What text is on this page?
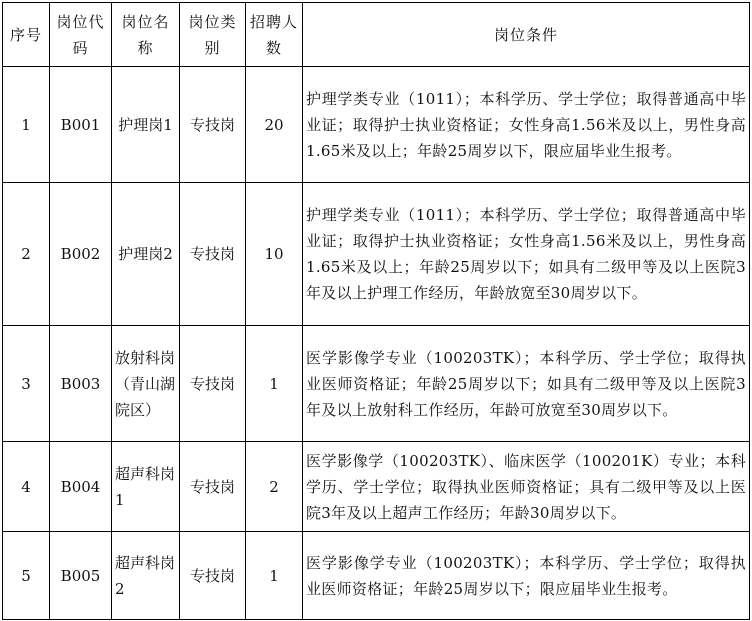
序号	岗位代码	岗位名称	岗位类别	招聘人数	岗位条件
1	B001	护理岗1	专技岗	20	护理学类专业（1011）；本科学历、学士学位；取得普通高中毕业证；取得护士执业资格证；女性身高1.56米及以上，男性身高1.65米及以上；年龄25周岁以下，限应届毕业生报考。
2	B002	护理岗2	专技岗	10	护理学类专业（1011）；本科学历、学士学位；取得普通高中毕业证；取得护士执业资格证；女性身高1.56米及以上，男性身高1.65米及以上；年龄25周岁以下；如具有二级甲等及以上医院3年及以上护理工作经历，年龄放宽至30周岁以下。
3	B003	放射科岗（青山湖院区）	专技岗	1	医学影像学专业（100203TK）；本科学历、学士学位；取得执业医师资格证；年龄25周岁以下；如具有二级甲等及以上医院3年及以上放射科工作经历，年龄可放宽至30周岁以下。
4	B004	超声科岗1	专技岗	2	医学影像学（100203TK）、临床医学（100201K）专业；本科学历、学士学位；取得执业医师资格证；具有二级甲等及以上医院3年及以上超声工作经历；年龄30周岁以下。
5	B005	超声科岗2	专技岗	1	医学影像学专业（100203TK）；本科学历、学士学位；取得执业医师资格证；年龄25周岁以下；限应届毕业生报考。
